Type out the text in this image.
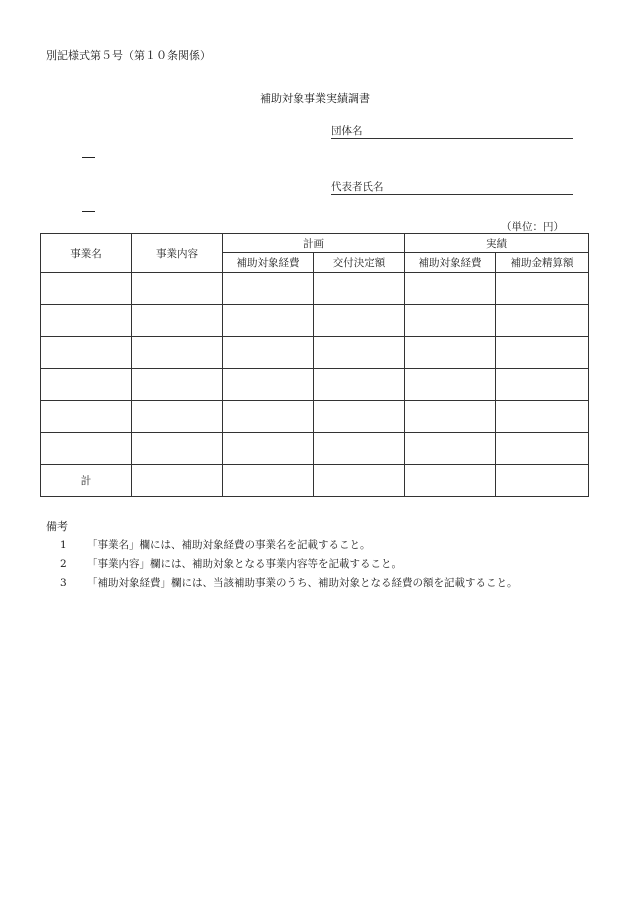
別記様式第５号（第１０条関係）
補助対象事業実績調書
団体名
代表者氏名
（単位：円）
事業名	事業内容	計画		実績	
		補助対象経費	交付決定額	補助対象経費	補助金精算額

計					
備考
1 「事業名」欄には、補助対象経費の事業名を記載すること。
2 「事業内容」欄には、補助対象となる事業内容等を記載すること。
3 「補助対象経費」欄には、当該補助事業のうち、補助対象となる経費の額を記載すること。
